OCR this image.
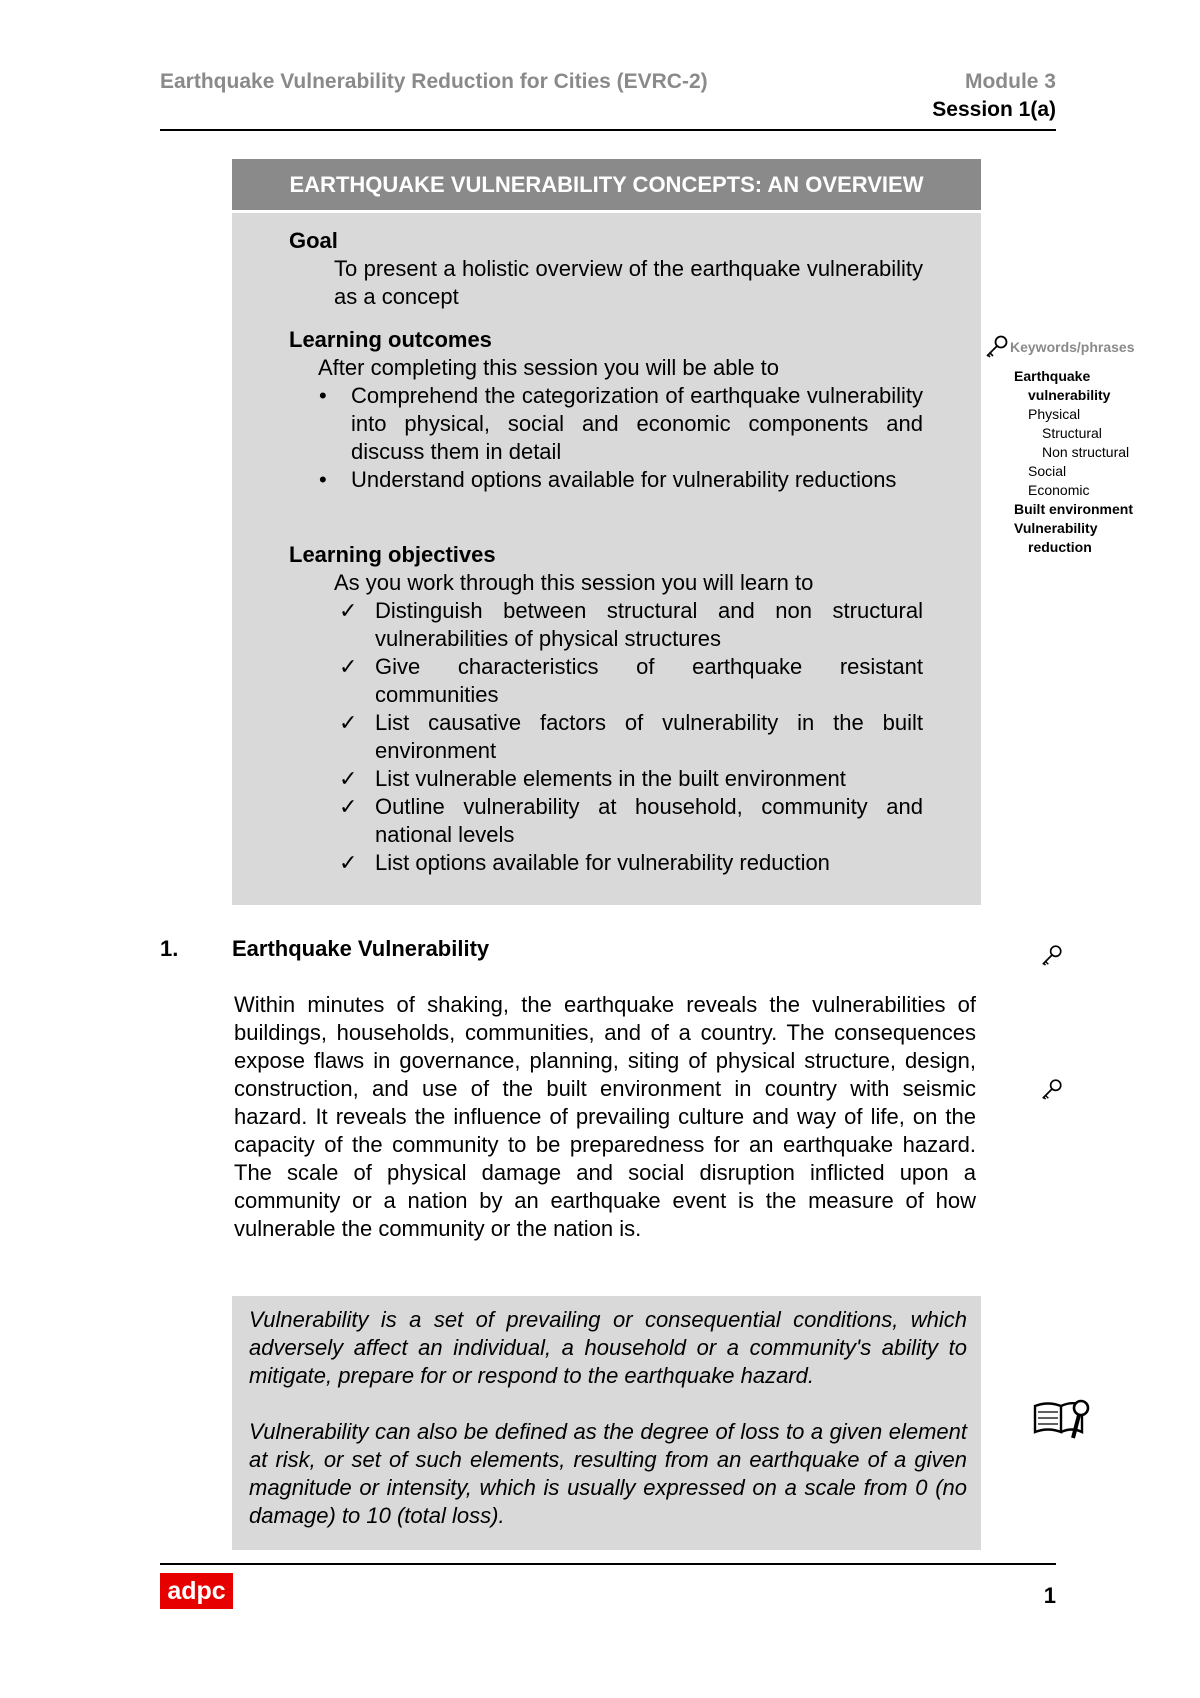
Earthquake Vulnerability Reduction for Cities (EVRC-2)	Module 3
Session 1(a)
EARTHQUAKE VULNERABILITY CONCEPTS: AN OVERVIEW
Goal
To present a holistic overview of the earthquake vulnerability as a concept
Learning outcomes
After completing this session you will be able to
• Comprehend the categorization of earthquake vulnerability into physical, social and economic components and discuss them in detail
• Understand options available for vulnerability reductions
Learning objectives
As you work through this session you will learn to
✓ Distinguish between structural and non structural vulnerabilities of physical structures
✓ Give characteristics of earthquake resistant communities
✓ List causative factors of vulnerability in the built environment
✓ List vulnerable elements in the built environment
✓ Outline vulnerability at household, community and national levels
✓ List options available for vulnerability reduction
Keywords/phrases
Earthquake
vulnerability
Physical
Structural
Non structural
Social
Economic
Built environment
Vulnerability
reduction
1. Earthquake Vulnerability
Within minutes of shaking, the earthquake reveals the vulnerabilities of buildings, households, communities, and of a country. The consequences expose flaws in governance, planning, siting of physical structure, design, construction, and use of the built environment in country with seismic hazard. It reveals the influence of prevailing culture and way of life, on the capacity of the community to be preparedness for an earthquake hazard. The scale of physical damage and social disruption inflicted upon a community or a nation by an earthquake event is the measure of how vulnerable the community or the nation is.
Vulnerability is a set of prevailing or consequential conditions, which adversely affect an individual, a household or a community's ability to mitigate, prepare for or respond to the earthquake hazard.
Vulnerability can also be defined as the degree of loss to a given element at risk, or set of such elements, resulting from an earthquake of a given magnitude or intensity, which is usually expressed on a scale from 0 (no damage) to 10 (total loss).
adpc	1
